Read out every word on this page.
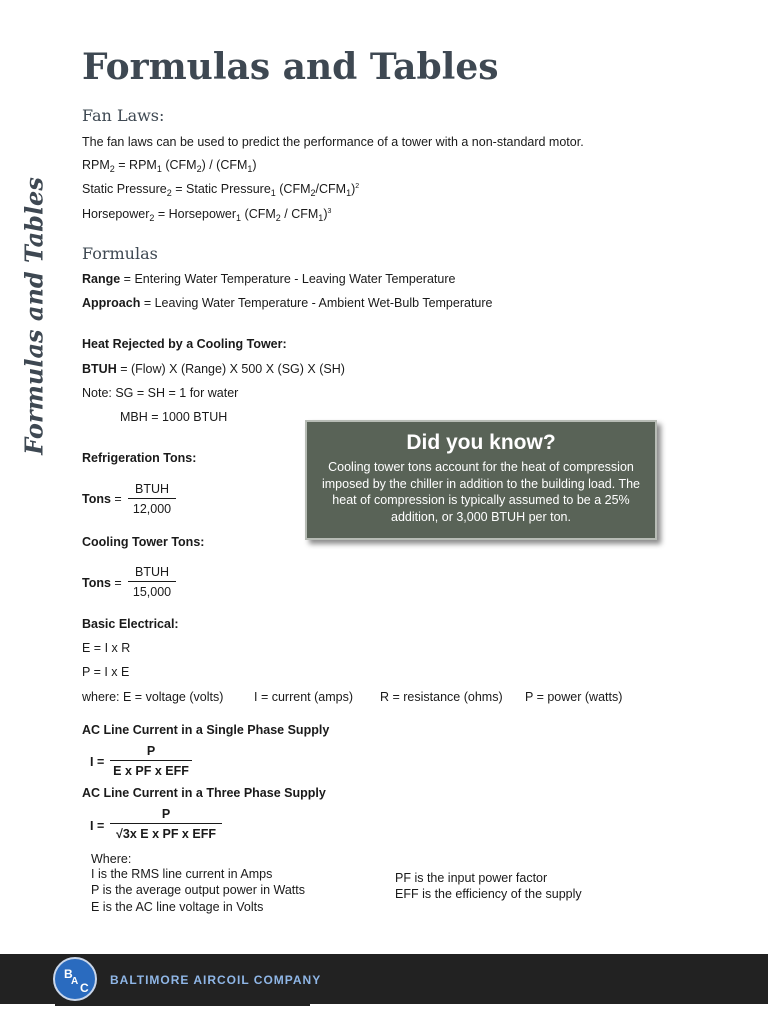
Formulas and Tables
Formulas and Tables
Fan Laws:
The fan laws can be used to predict the performance of a tower with a non-standard motor.
$RPM_2 = RPM_1$ $(CFM_2) / (CFM_1)$
Static Pressure$_2$ = Static Pressure$_1$ $(CFM_2/CFM_1)^2$
Horsepower$_2$ = Horsepower$_1$ $(CFM_2 / CFM_1)^3$
Formulas
Range = Entering Water Temperature - Leaving Water Temperature
Approach = Leaving Water Temperature - Ambient Wet-Bulb Temperature
Heat Rejected by a Cooling Tower:
BTUH = (Flow) X (Range) X 500 X (SG) X (SH)
Note: SG = SH = 1 for water
MBH = 1000 BTUH
Refrigeration Tons:
Tons =
BTUH
12,000
Cooling Tower Tons:
Tons =
BTUH
15,000
Basic Electrical:
E = I x R
P = I x E
where: E = voltage (volts) I = current (amps) R = resistance (ohms) P = power (watts)
AC Line Current in a Single Phase Supply
I =
P
E x PF x EFF
AC Line Current in a Three Phase Supply
I =
P
√3x E x PF x EFF
Where:
I is the RMS line current in Amps
P is the average output power in Watts
E is the AC line voltage in Volts
PF is the input power factor
EFF is the efficiency of the supply
Did you know?
Cooling tower tons account for the heat of compression imposed by the chiller in addition to the building load. The heat of compression is typically assumed to be a 25% addition, or 3,000 BTUH per ton.
B
A C
BALTIMORE AIRCOIL COMPANY
